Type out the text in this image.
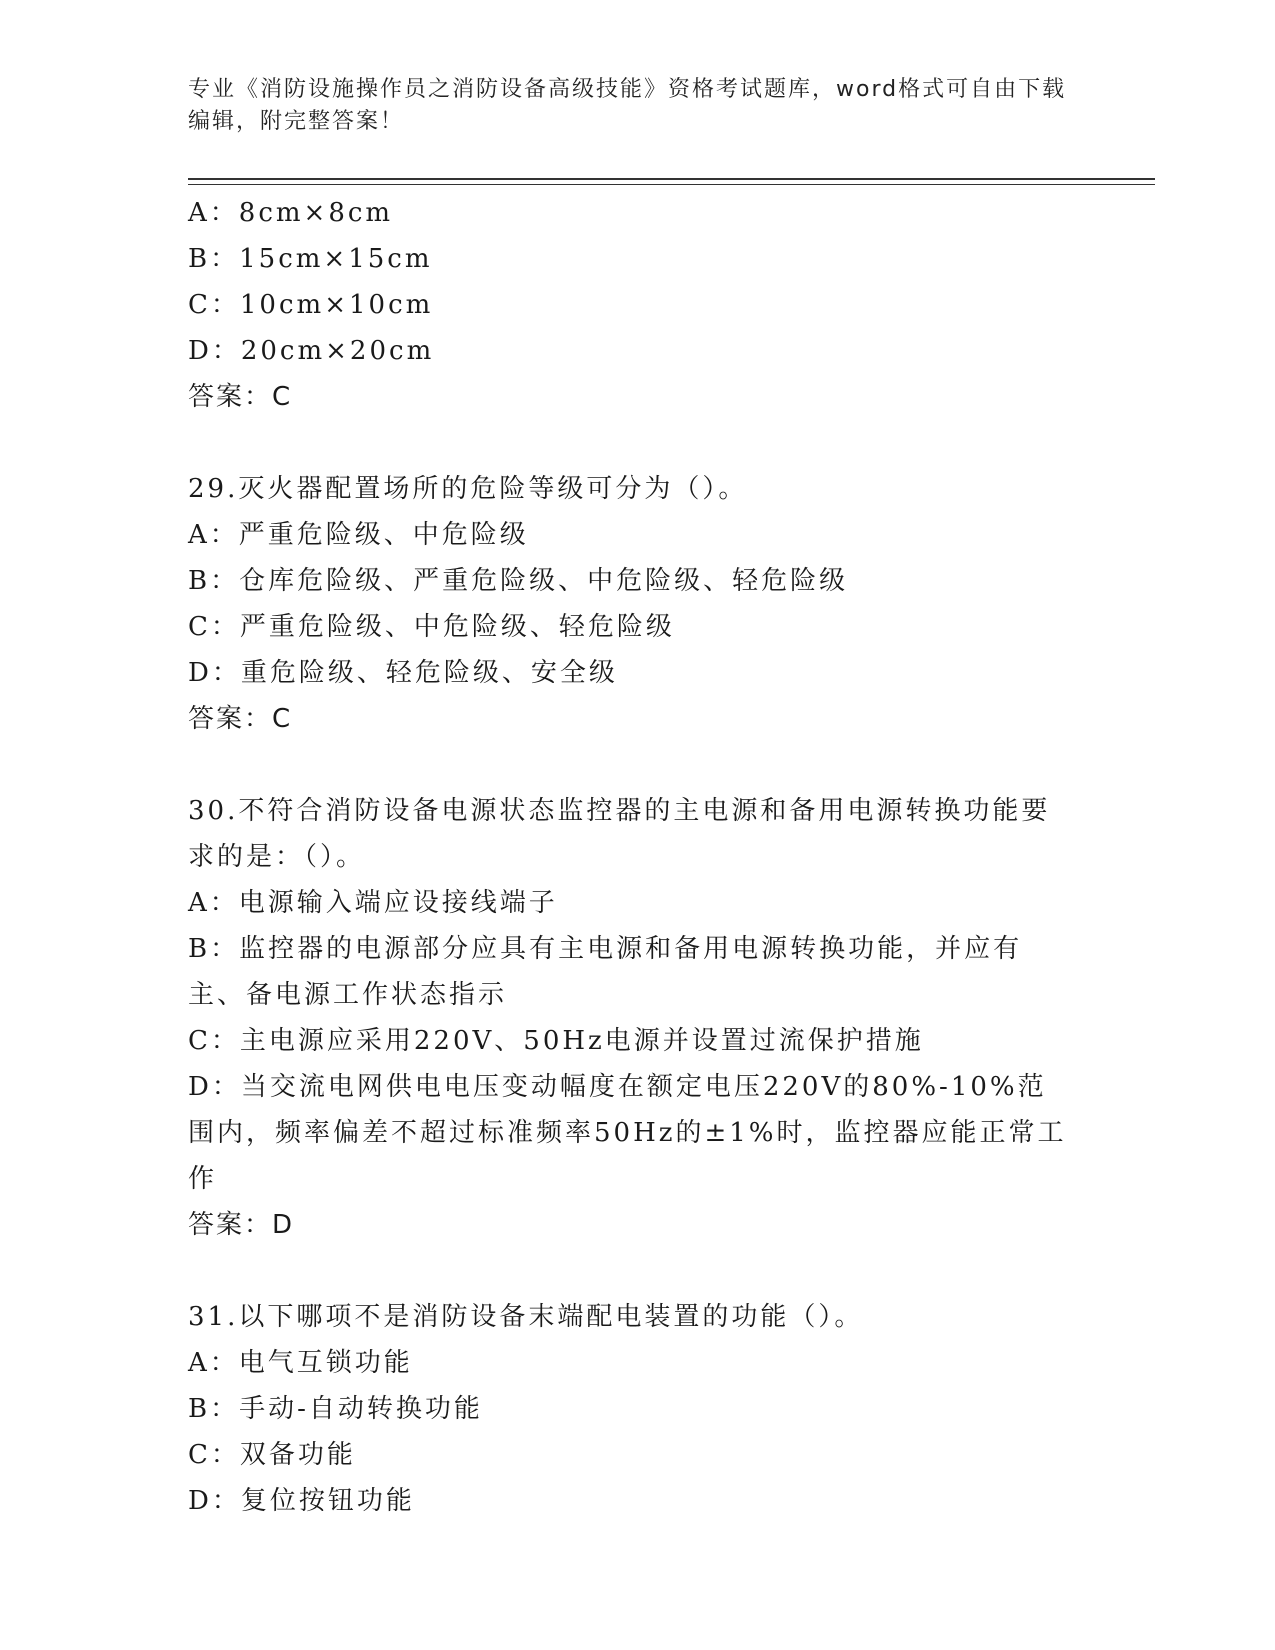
专业《消防设施操作员之消防设备高级技能》资格考试题库，word格式可自由下载编辑，附完整答案！
A：8cm×8cm
B：15cm×15cm
C：10cm×10cm
D：20cm×20cm
答案：C
29.灭火器配置场所的危险等级可分为（）。
A：严重危险级、中危险级
B：仓库危险级、严重危险级、中危险级、轻危险级
C：严重危险级、中危险级、轻危险级
D：重危险级、轻危险级、安全级
答案：C
30.不符合消防设备电源状态监控器的主电源和备用电源转换功能要求的是：（）。
A：电源输入端应设接线端子
B：监控器的电源部分应具有主电源和备用电源转换功能，并应有主、备电源工作状态指示
C：主电源应采用220V、50Hz电源并设置过流保护措施
D：当交流电网供电电压变动幅度在额定电压220V的80%-10%范围内，频率偏差不超过标准频率50Hz的±1%时，监控器应能正常工作
答案：D
31.以下哪项不是消防设备末端配电装置的功能（）。
A：电气互锁功能
B：手动-自动转换功能
C：双备功能
D：复位按钮功能
